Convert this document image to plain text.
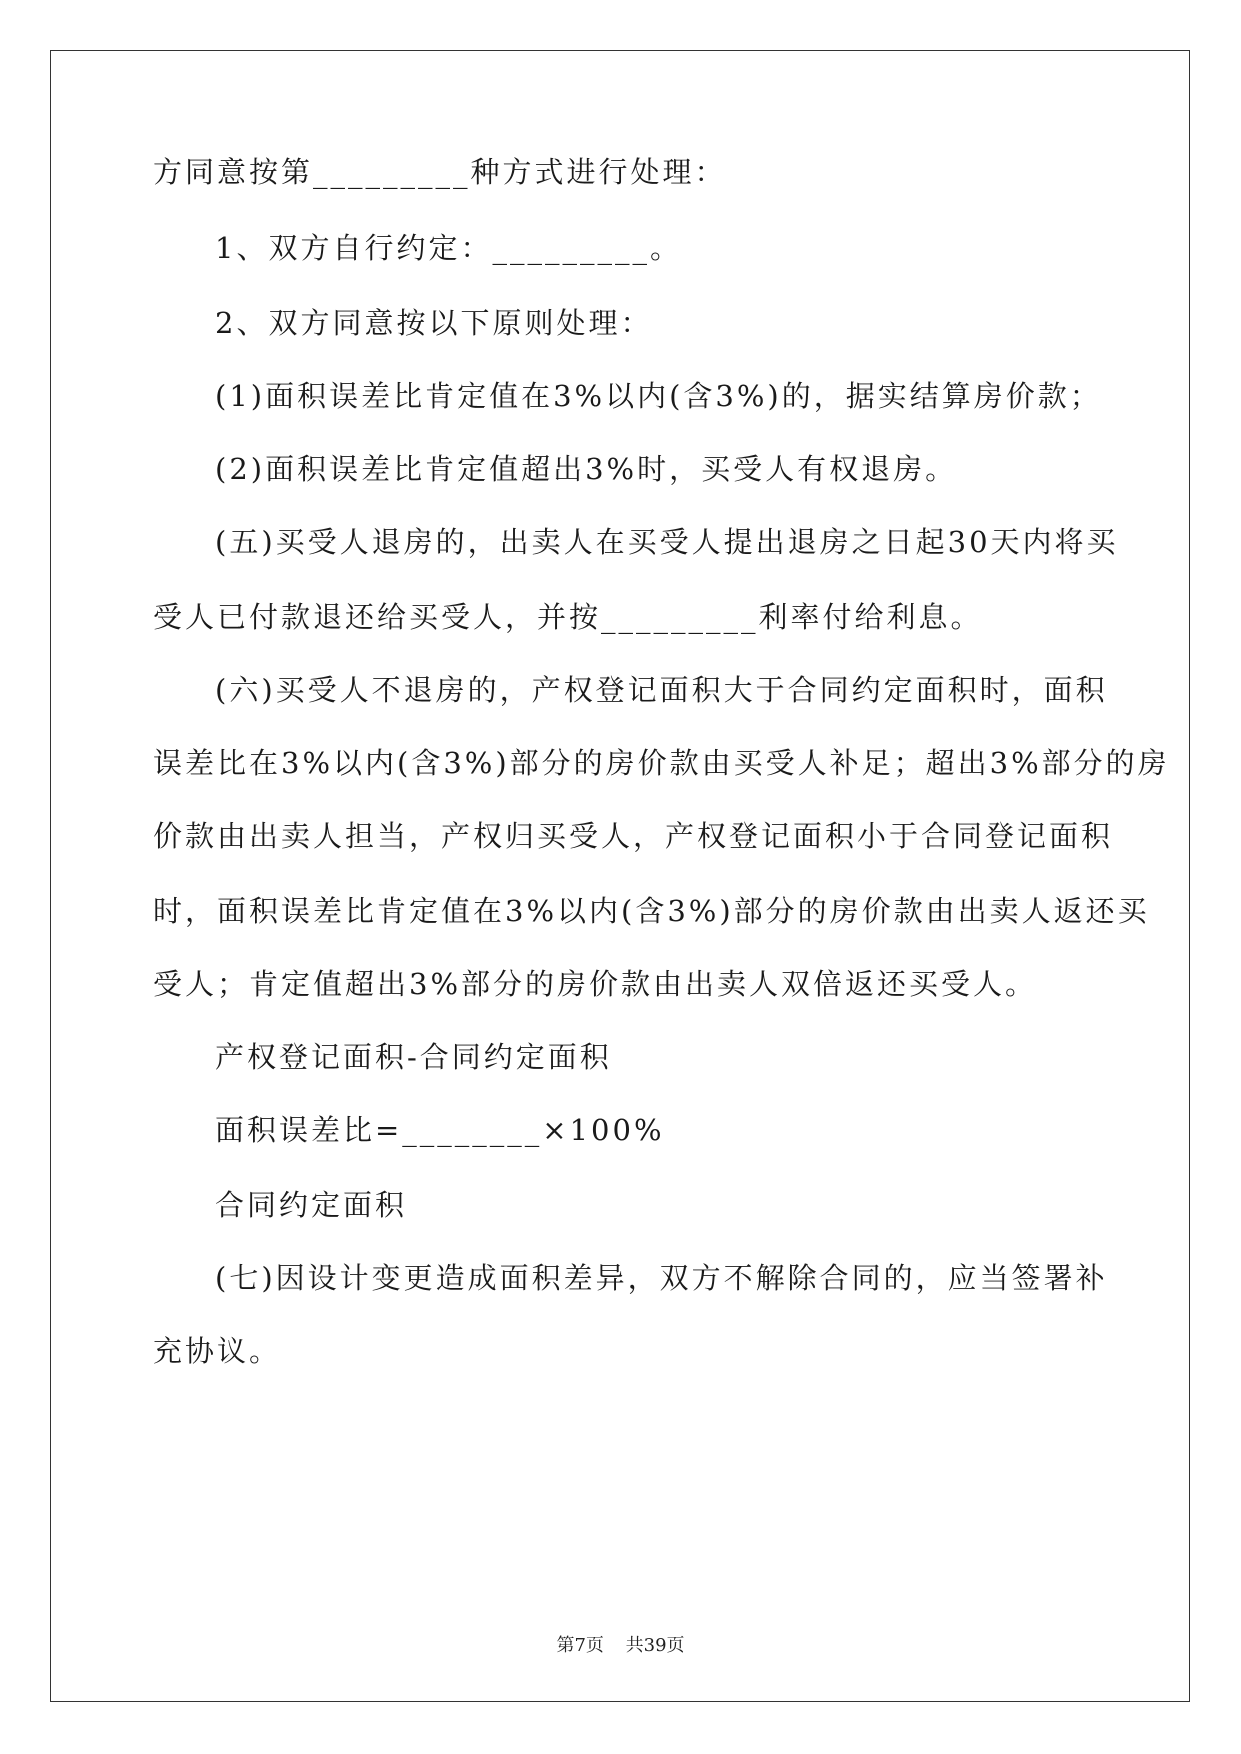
方同意按第_________种方式进行处理：
1、双方自行约定：_________。
2、双方同意按以下原则处理：
(1)面积误差比肯定值在3%以内(含3%)的，据实结算房价款；
(2)面积误差比肯定值超出3%时，买受人有权退房。
(五)买受人退房的，出卖人在买受人提出退房之日起30天内将买
受人已付款退还给买受人，并按_________利率付给利息。
(六)买受人不退房的，产权登记面积大于合同约定面积时，面积
误差比在3%以内(含3%)部分的房价款由买受人补足；超出3%部分的房
价款由出卖人担当，产权归买受人，产权登记面积小于合同登记面积
时，面积误差比肯定值在3%以内(含3%)部分的房价款由出卖人返还买
受人；肯定值超出3%部分的房价款由出卖人双倍返还买受人。
产权登记面积-合同约定面积
面积误差比=________×100%
合同约定面积
(七)因设计变更造成面积差异，双方不解除合同的，应当签署补
充协议。
第7页 共39页
